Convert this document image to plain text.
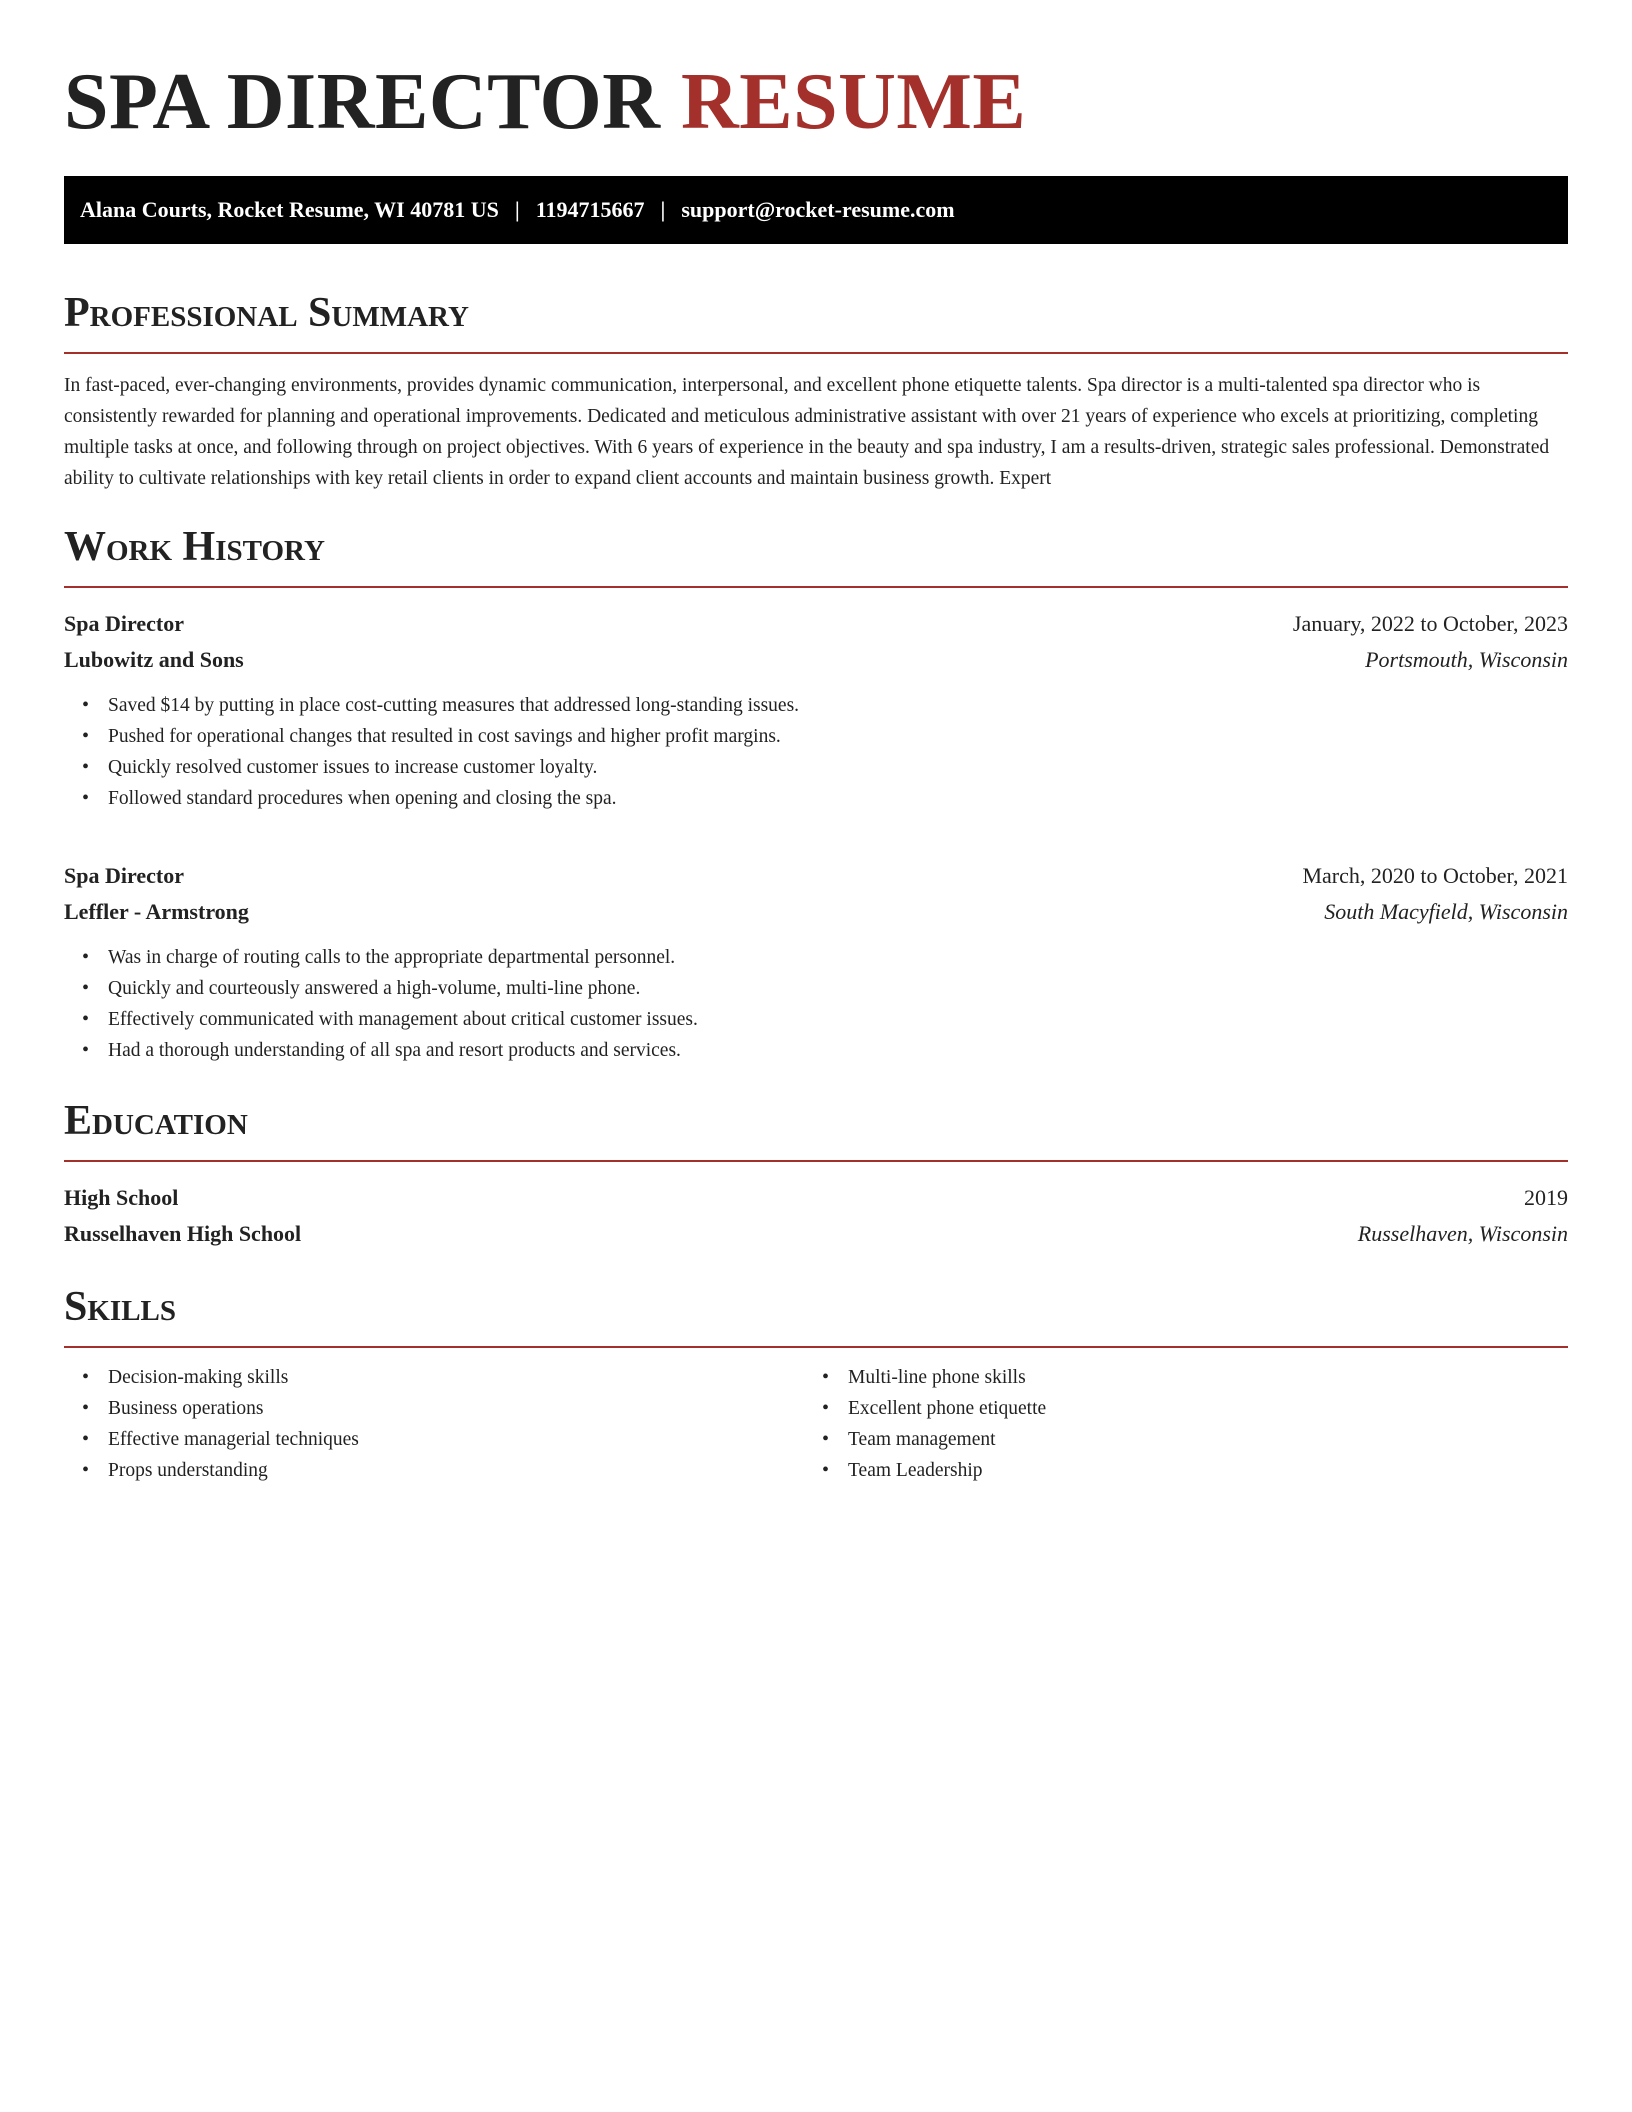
SPA DIRECTOR RESUME
Alana Courts, Rocket Resume, WI 40781 US | 1194715667 | support@rocket-resume.com
Professional Summary

In fast-paced, ever-changing environments, provides dynamic communication, interpersonal, and excellent phone etiquette talents. Spa director is a multi-talented spa director who is consistently rewarded for planning and operational improvements. Dedicated and meticulous administrative assistant with over 21 years of experience who excels at prioritizing, completing multiple tasks at once, and following through on project objectives. With 6 years of experience in the beauty and spa industry, I am a results-driven, strategic sales professional. Demonstrated ability to cultivate relationships with key retail clients in order to expand client accounts and maintain business growth. Expert

Work History
Spa Director	January, 2022 to October, 2023
Lubowitz and Sons	Portsmouth, Wisconsin
• Saved $14 by putting in place cost-cutting measures that addressed long-standing issues.
• Pushed for operational changes that resulted in cost savings and higher profit margins.
• Quickly resolved customer issues to increase customer loyalty.
• Followed standard procedures when opening and closing the spa.
Spa Director	March, 2020 to October, 2021
Leffler - Armstrong	South Macyfield, Wisconsin
• Was in charge of routing calls to the appropriate departmental personnel.
• Quickly and courteously answered a high-volume, multi-line phone.
• Effectively communicated with management about critical customer issues.
• Had a thorough understanding of all spa and resort products and services.
Education
High School	2019
Russelhaven High School	Russelhaven, Wisconsin
Skills
• Decision-making skills
• Business operations
• Effective managerial techniques
• Props understanding
• Multi-line phone skills
• Excellent phone etiquette
• Team management
• Team Leadership
